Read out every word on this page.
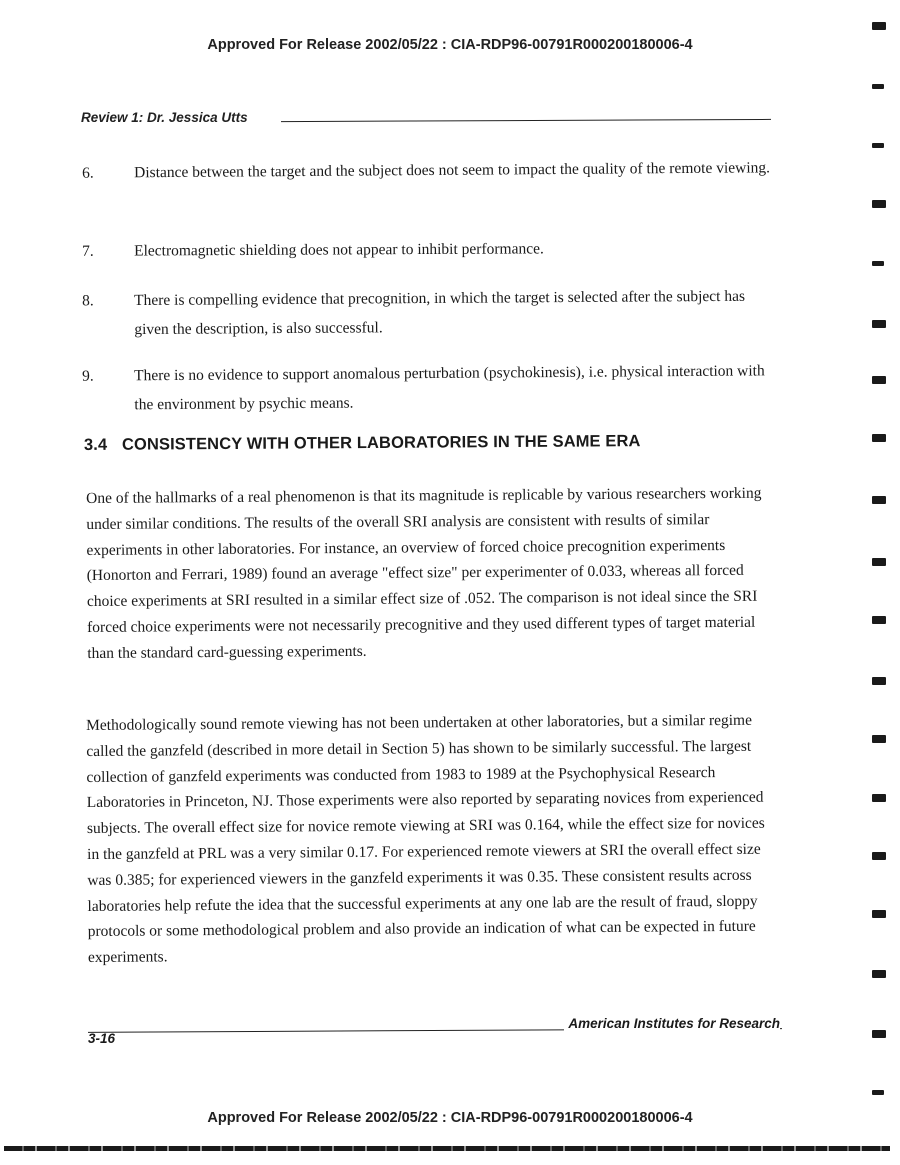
Approved For Release 2002/05/22 : CIA-RDP96-00791R000200180006-4
Review 1: Dr. Jessica Utts
6.	Distance between the target and the subject does not seem to impact the quality of the remote viewing.
7.	Electromagnetic shielding does not appear to inhibit performance.
8.	There is compelling evidence that precognition, in which the target is selected after the subject has given the description, is also successful.
9.	There is no evidence to support anomalous perturbation (psychokinesis), i.e. physical interaction with the environment by psychic means.
3.4 CONSISTENCY WITH OTHER LABORATORIES IN THE SAME ERA

One of the hallmarks of a real phenomenon is that its magnitude is replicable by various researchers working under similar conditions. The results of the overall SRI analysis are consistent with results of similar experiments in other laboratories. For instance, an overview of forced choice precognition experiments (Honorton and Ferrari, 1989) found an average "effect size" per experimenter of 0.033, whereas all forced choice experiments at SRI resulted in a similar effect size of .052. The comparison is not ideal since the SRI forced choice experiments were not necessarily precognitive and they used different types of target material than the standard card-guessing experiments.

Methodologically sound remote viewing has not been undertaken at other laboratories, but a similar regime called the ganzfeld (described in more detail in Section 5) has shown to be similarly successful. The largest collection of ganzfeld experiments was conducted from 1983 to 1989 at the Psychophysical Research Laboratories in Princeton, NJ. Those experiments were also reported by separating novices from experienced subjects. The overall effect size for novice remote viewing at SRI was 0.164, while the effect size for novices in the ganzfeld at PRL was a very similar 0.17. For experienced remote viewers at SRI the overall effect size was 0.385; for experienced viewers in the ganzfeld experiments it was 0.35. These consistent results across laboratories help refute the idea that the successful experiments at any one lab are the result of fraud, sloppy protocols or some methodological problem and also provide an indication of what can be expected in future experiments.

3-16
American Institutes for Research
Approved For Release 2002/05/22 : CIA-RDP96-00791R000200180006-4
